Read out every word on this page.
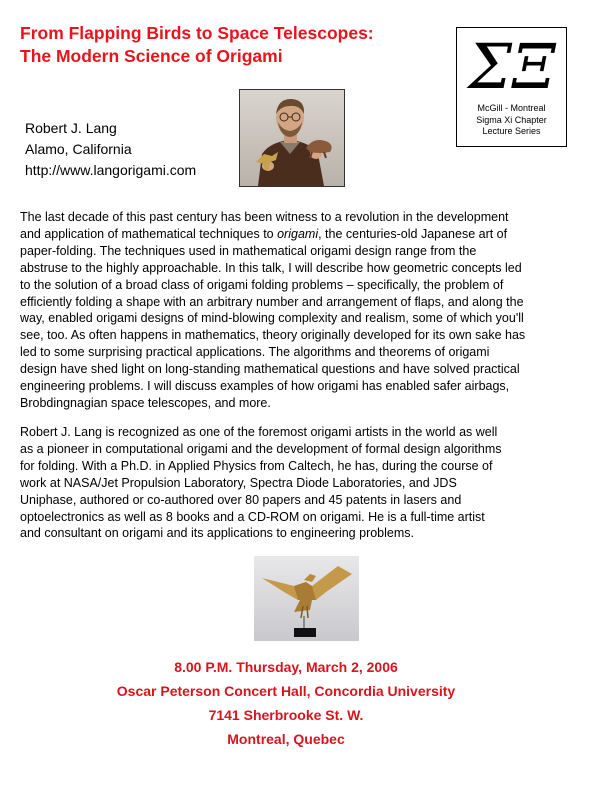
From Flapping Birds to Space Telescopes:
The Modern Science of Origami	ΣΞ
McGill - Montreal
Sigma Xi Chapter
Lecture Series
Robert J. Lang
Alamo, California
http://www.langorigami.com

The last decade of this past century has been witness to a revolution in the development
and application of mathematical techniques to origami, the centuries-old Japanese art of
paper-folding. The techniques used in mathematical origami design range from the
abstruse to the highly approachable. In this talk, I will describe how geometric concepts led
to the solution of a broad class of origami folding problems – specifically, the problem of
efficiently folding a shape with an arbitrary number and arrangement of flaps, and along the
way, enabled origami designs of mind-blowing complexity and realism, some of which you'll
see, too. As often happens in mathematics, theory originally developed for its own sake has
led to some surprising practical applications. The algorithms and theorems of origami
design have shed light on long-standing mathematical questions and have solved practical
engineering problems. I will discuss examples of how origami has enabled safer airbags,
Brobdingnagian space telescopes, and more.

Robert J. Lang is recognized as one of the foremost origami artists in the world as well
as a pioneer in computational origami and the development of formal design algorithms
for folding. With a Ph.D. in Applied Physics from Caltech, he has, during the course of
work at NASA/Jet Propulsion Laboratory, Spectra Diode Laboratories, and JDS
Uniphase, authored or co-authored over 80 papers and 45 patents in lasers and
optoelectronics as well as 8 books and a CD-ROM on origami. He is a full-time artist
and consultant on origami and its applications to engineering problems.

8.00 P.M. Thursday, March 2, 2006
Oscar Peterson Concert Hall, Concordia University
7141 Sherbrooke St. W.
Montreal, Quebec
